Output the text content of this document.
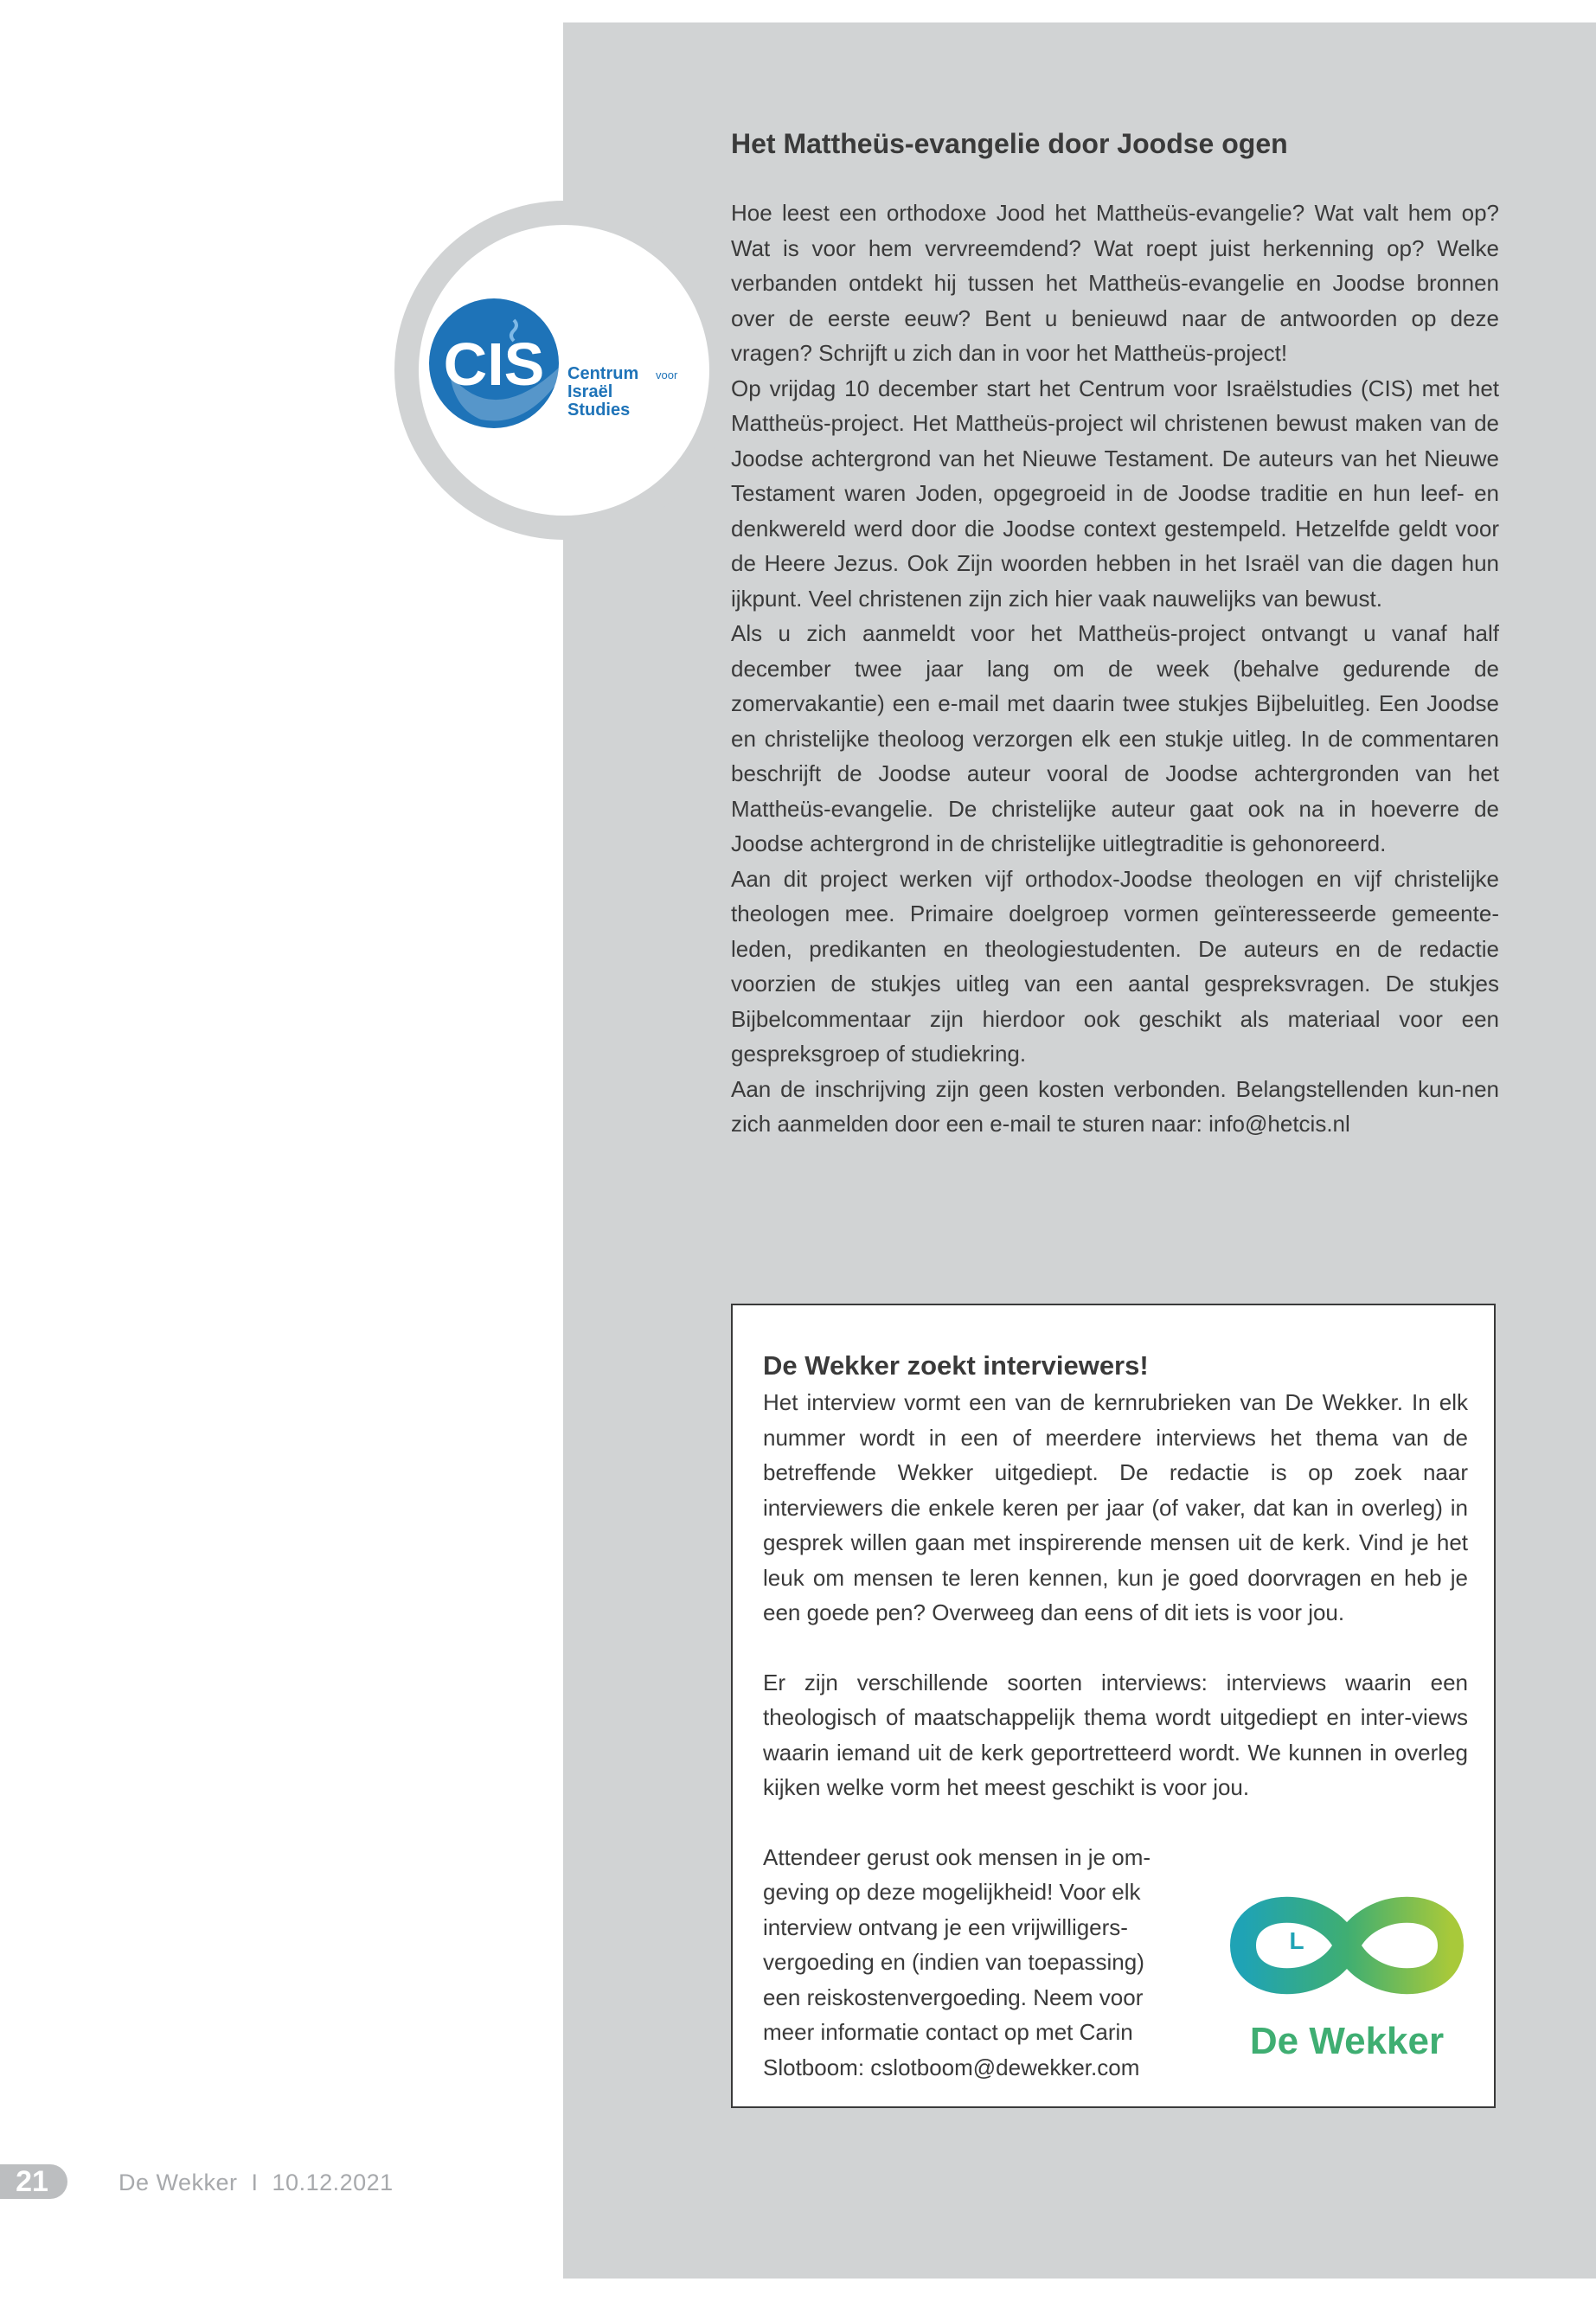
CIS Centrum voor
Israël
Studies
Het Mattheüs-evangelie door Joodse ogen

Hoe leest een orthodoxe Jood het Mattheüs-evangelie? Wat valt hem op? Wat is voor hem vervreemdend? Wat roept juist herkenning op? Welke verbanden ontdekt hij tussen het Mattheüs-evangelie en Joodse bronnen over de eerste eeuw? Bent u benieuwd naar de antwoorden op deze vragen? Schrijft u zich dan in voor het Mattheüs-project!

Op vrijdag 10 december start het Centrum voor Israëlstudies (CIS) met het Mattheüs-project. Het Mattheüs-project wil christenen bewust maken van de Joodse achtergrond van het Nieuwe Testament. De auteurs van het Nieuwe Testament waren Joden, opgegroeid in de Joodse traditie en hun leef- en denkwereld werd door die Joodse context gestempeld. Hetzelfde geldt voor de Heere Jezus. Ook Zijn woorden hebben in het Israël van die dagen hun ijkpunt. Veel christenen zijn zich hier vaak nauwelijks van bewust.

Als u zich aanmeldt voor het Mattheüs-project ontvangt u vanaf half december twee jaar lang om de week (behalve gedurende de zomervakantie) een e-mail met daarin twee stukjes Bijbeluitleg. Een Joodse en christelijke theoloog verzorgen elk een stukje uitleg. In de commentaren beschrijft de Joodse auteur vooral de Joodse achtergronden van het Mattheüs-evangelie. De christelijke auteur gaat ook na in hoeverre de Joodse achtergrond in de christelijke uitlegtraditie is gehonoreerd.

Aan dit project werken vijf orthodox-Joodse theologen en vijf christelijke theologen mee. Primaire doelgroep vormen geïnteresseerde gemeente-leden, predikanten en theologiestudenten. De auteurs en de redactie voorzien de stukjes uitleg van een aantal gespreksvragen. De stukjes Bijbelcommentaar zijn hierdoor ook geschikt als materiaal voor een gespreksgroep of studiekring.

Aan de inschrijving zijn geen kosten verbonden. Belangstellenden kun-nen zich aanmelden door een e-mail te sturen naar: info@hetcis.nl

De Wekker zoekt interviewers!

Het interview vormt een van de kernrubrieken van De Wekker. In elk nummer wordt in een of meerdere interviews het thema van de betreffende Wekker uitgediept. De redactie is op zoek naar interviewers die enkele keren per jaar (of vaker, dat kan in overleg) in gesprek willen gaan met inspirerende mensen uit de kerk. Vind je het leuk om mensen te leren kennen, kun je goed doorvragen en heb je een goede pen? Overweeg dan eens of dit iets is voor jou.

Er zijn verschillende soorten interviews: interviews waarin een theologisch of maatschappelijk thema wordt uitgediept en inter-views waarin iemand uit de kerk geportretteerd wordt. We kunnen in overleg kijken welke vorm het meest geschikt is voor jou.

Attendeer gerust ook mensen in je om-geving op deze mogelijkheid! Voor elk interview ontvang je een vrijwilligers-vergoeding en (indien van toepassing) een reiskostenvergoeding. Neem voor meer informatie contact op met Carin Slotboom: cslotboom@dewekker.com

L
De Wekker
21	De Wekker  I  10.12.2021
